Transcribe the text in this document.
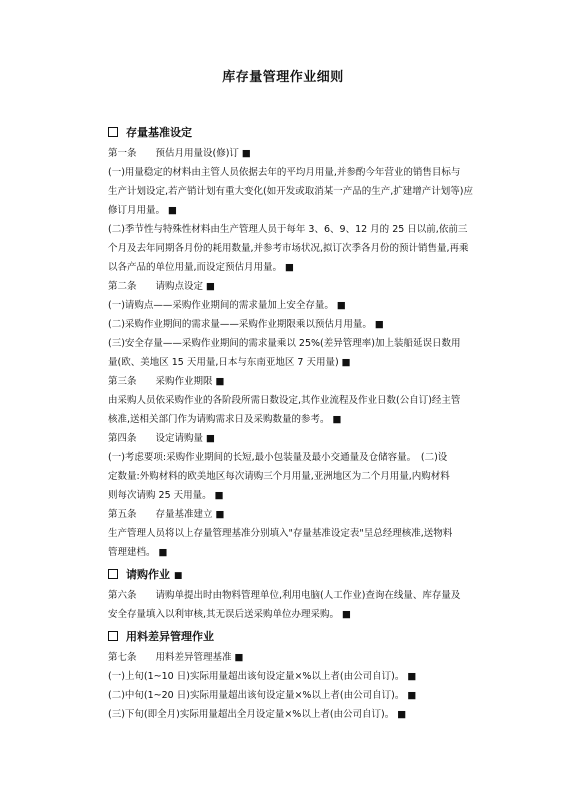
库存量管理作业细则
存量基准设定
第一条　　预估月用量设(修)订 ■
(一)用量稳定的材料由主管人员依据去年的平均月用量,并参酌今年营业的销售目标与
生产计划设定,若产销计划有重大变化(如开发或取消某一产品的生产,扩建增产计划等)应
修订月用量。 ■
(二)季节性与特殊性材料由生产管理人员于每年 3、6、9、12 月的 25 日以前,依前三
个月及去年同期各月份的耗用数量,并参考市场状况,拟订次季各月份的预计销售量,再乘
以各产品的单位用量,而设定预估月用量。 ■
第二条　　请购点设定 ■
(一)请购点——采购作业期间的需求量加上安全存量。 ■
(二)采购作业期间的需求量——采购作业期限乘以预估月用量。 ■
(三)安全存量——采购作业期间的需求量乘以 25%(差异管理率)加上装船延误日数用
量(欧、美地区 15 天用量,日本与东南亚地区 7 天用量) ■
第三条　　采购作业期限 ■
由采购人员依采购作业的各阶段所需日数设定,其作业流程及作业日数(公自订)经主管
核准,送相关部门作为请购需求日及采购数量的参考。 ■
第四条　　设定请购量 ■
(一)考虑要项:采购作业期间的长短,最小包装量及最小交通量及仓储容量。　(二)设
定数量:外购材料的欧美地区每次请购三个月用量,亚洲地区为二个月用量,内购材料
则每次请购 25 天用量。 ■
第五条　　存量基准建立 ■
生产管理人员将以上存量管理基准分别填入"存量基准设定表"呈总经理核准,送物料
管理建档。 ■
请购作业 ■
第六条　　请购单提出时由物料管理单位,利用电脑(人工作业)查询在线量、库存量及
安全存量填入以利审核,其无误后送采购单位办理采购。 ■
用料差异管理作业
第七条　　用料差异管理基准 ■
(一)上旬(1~10 日)实际用量超出该旬设定量×%以上者(由公司自订)。 ■
(二)中旬(1~20 日)实际用量超出该旬设定量×%以上者(由公司自订)。 ■
(三)下旬(即全月)实际用量超出全月设定量×%以上者(由公司自订)。 ■
